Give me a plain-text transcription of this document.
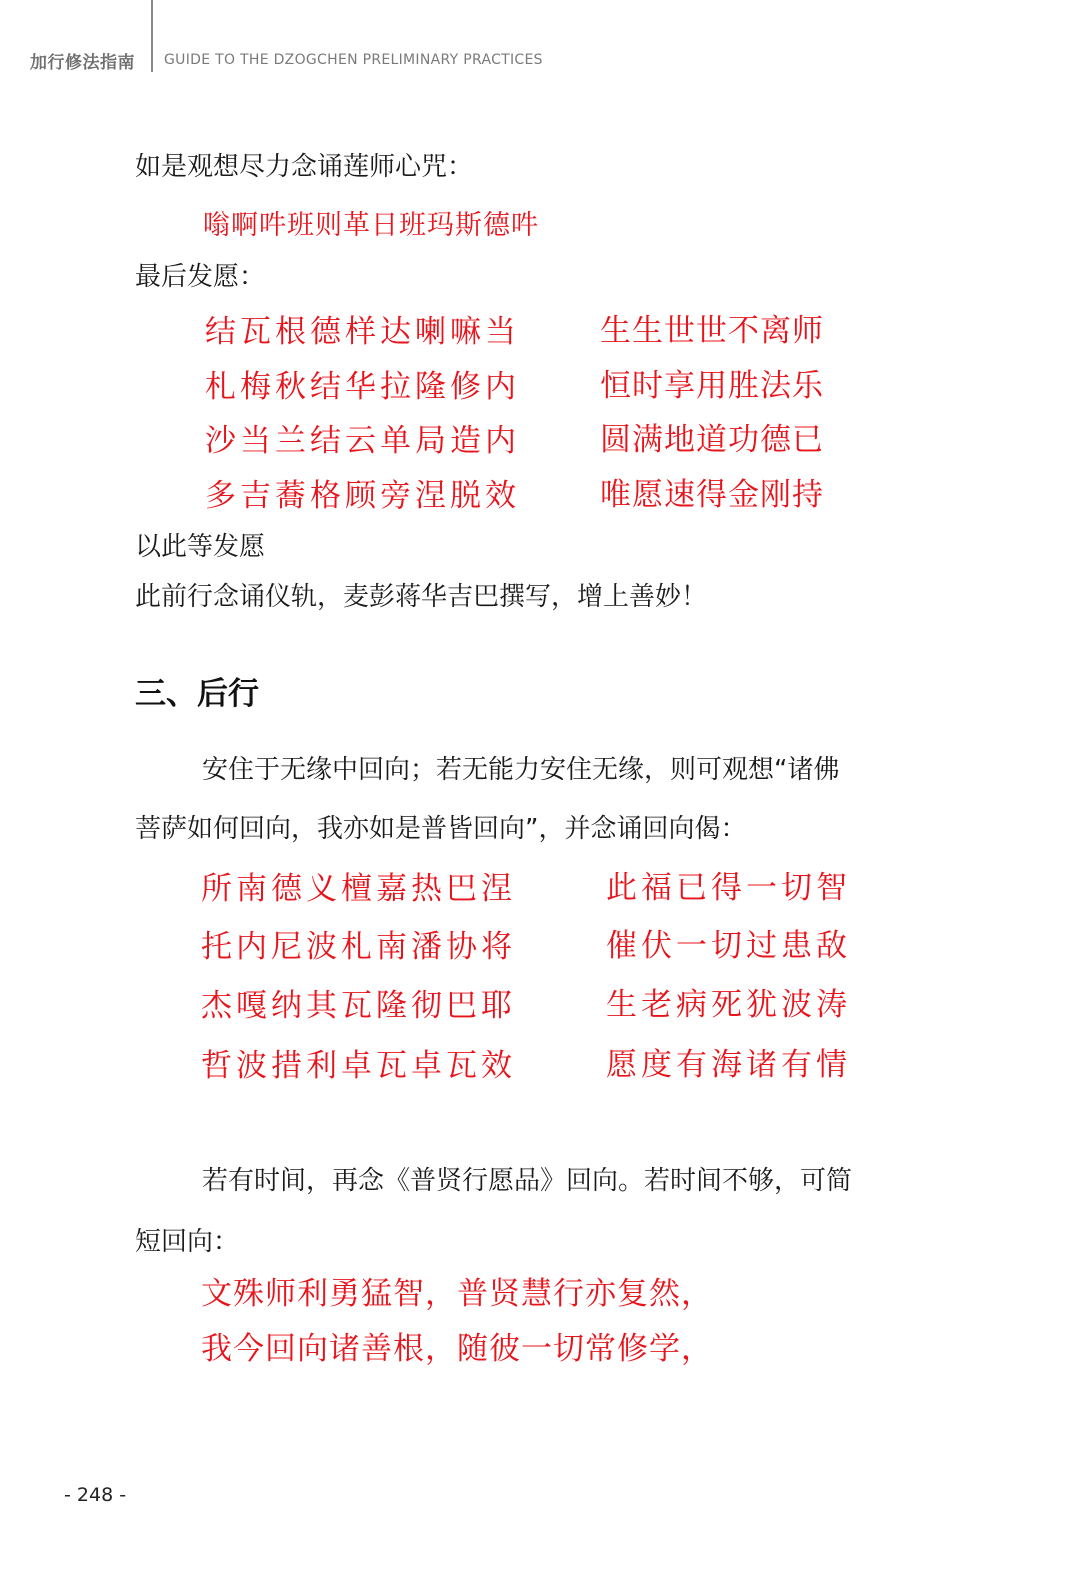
加行修法指南 GUIDE TO THE DZOGCHEN PRELIMINARY PRACTICES
如是观想尽力念诵莲师心咒：
嗡啊吽班则革日班玛斯德吽
最后发愿：
结瓦根德样达喇嘛当	生生世世不离师
札梅秋结华拉隆修内	恒时享用胜法乐
沙当兰结云单局造内	圆满地道功德已
多吉蕎格顾旁涅脱效	唯愿速得金刚持
以此等发愿
此前行念诵仪轨，麦彭蒋华吉巴撰写，增上善妙！
三、后行
安住于无缘中回向；若无能力安住无缘，则可观想“诸佛
菩萨如何回向，我亦如是普皆回向”，并念诵回向偈：
所南德义檀嘉热巴涅	此福已得一切智
托内尼波札南潘协将	催伏一切过患敌
杰嘎纳其瓦隆彻巴耶	生老病死犹波涛
哲波措利卓瓦卓瓦效	愿度有海诸有情
若有时间，再念《普贤行愿品》回向。若时间不够，可简
短回向：
文殊师利勇猛智，普贤慧行亦复然，
我今回向诸善根，随彼一切常修学，
- 248 -
